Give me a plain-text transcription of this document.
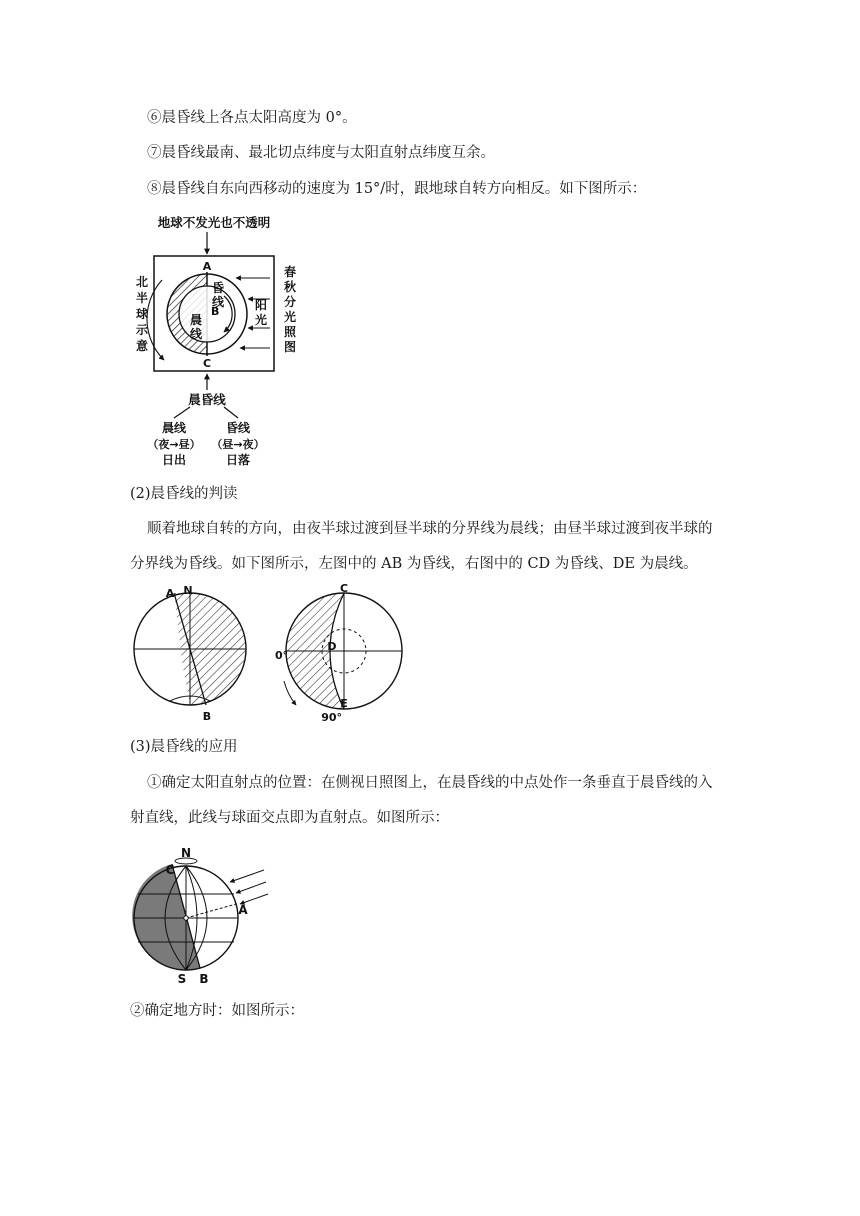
⑥晨昏线上各点太阳高度为 0°。
⑦晨昏线最南、最北切点纬度与太阳直射点纬度互余。
⑧晨昏线自东向西移动的速度为 15°/时，跟地球自转方向相反。如下图所示：
地球不发光也不透明
A
B
C
昏
线
晨
线
阳
光
北
半
球
示
意
春
秋
分
光
照
图
晨昏线
晨线	昏线
（夜→昼） （昼→夜）
日出	日落
(2)晨昏线的判读
顺着地球自转的方向，由夜半球过渡到昼半球的分界线为晨线；由昼半球过渡到夜半球的
分界线为昏线。如下图所示，左图中的 AB 为昏线，右图中的 CD 为昏线、DE 为晨线。
A N
B
C
D
0°
E
90°
(3)晨昏线的应用
①确定太阳直射点的位置：在侧视日照图上，在晨昏线的中点处作一条垂直于晨昏线的入
射直线，此线与球面交点即为直射点。如图所示：
N
C
A
S B
②确定地方时：如图所示：
